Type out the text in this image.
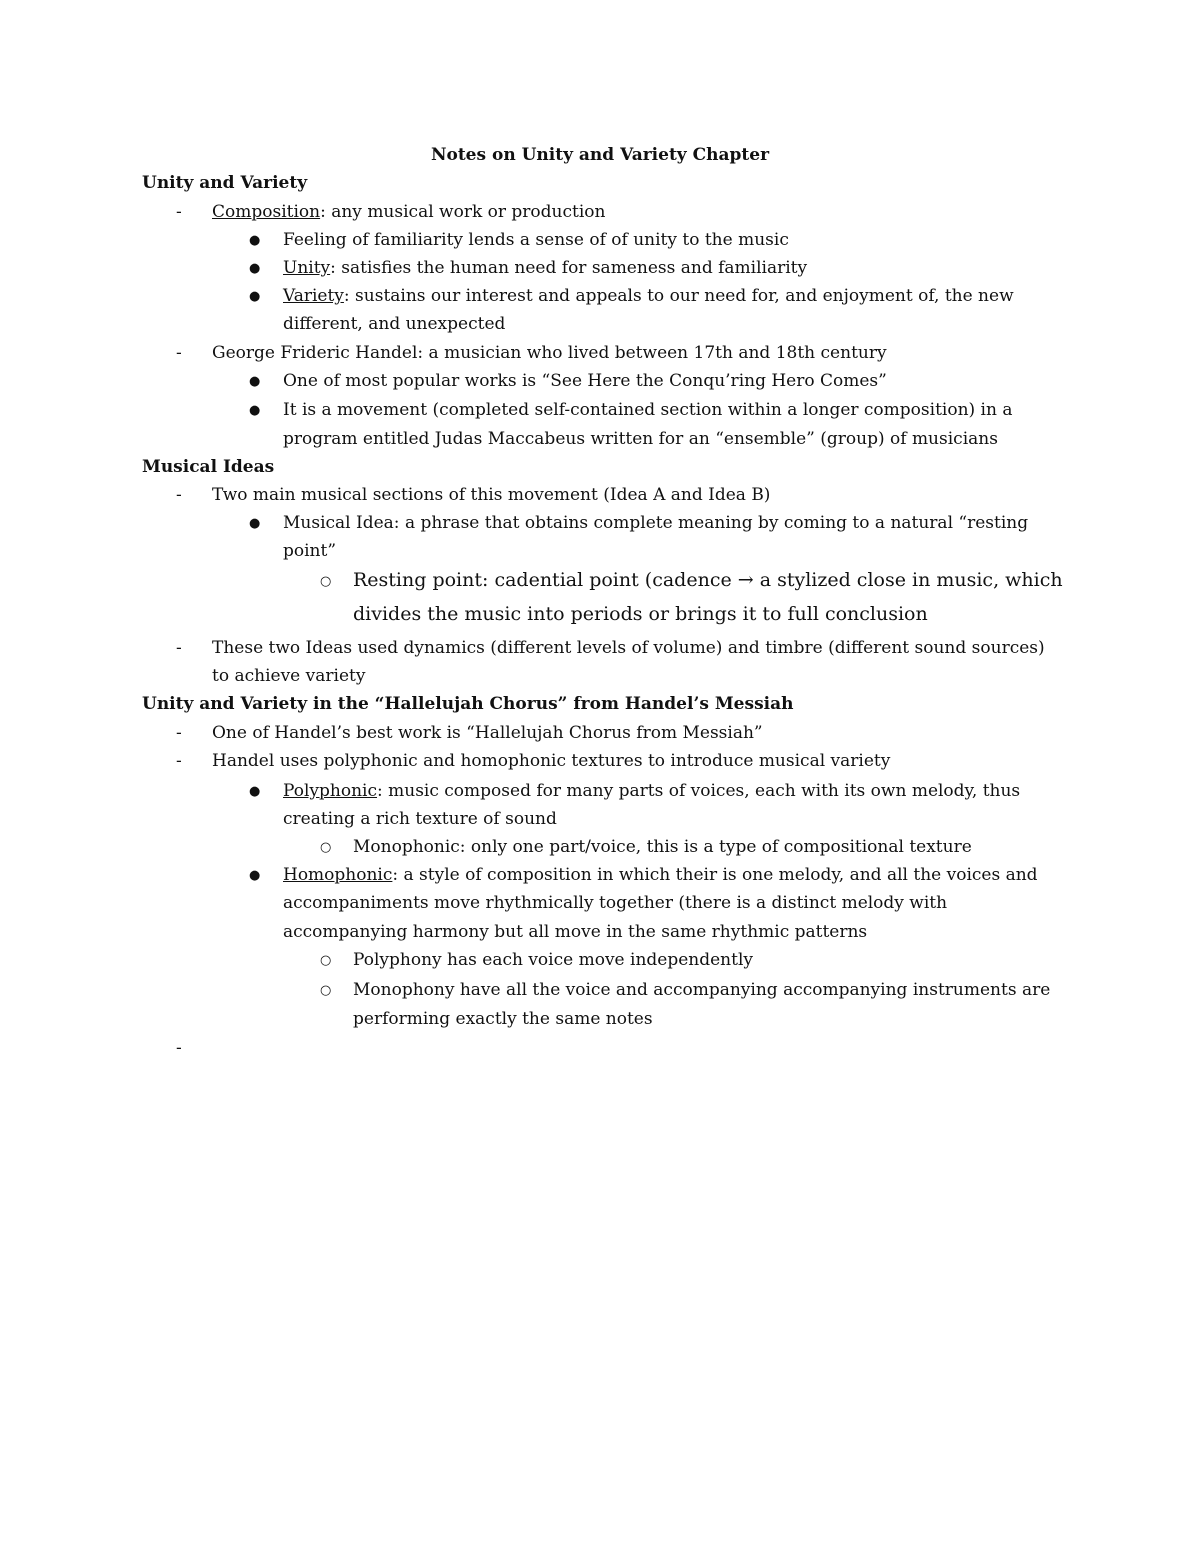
Notes on Unity and Variety Chapter
Unity and Variety
- Composition: any musical work or production
● Feeling of familiarity lends a sense of of unity to the music
● Unity: satisfies the human need for sameness and familiarity
● Variety: sustains our interest and appeals to our need for, and enjoyment of, the new
different, and unexpected
- George Frideric Handel: a musician who lived between 17th and 18th century
● One of most popular works is “See Here the Conqu’ring Hero Comes”
● It is a movement (completed self-contained section within a longer composition) in a
program entitled Judas Maccabeus written for an “ensemble” (group) of musicians
Musical Ideas
- Two main musical sections of this movement (Idea A and Idea B)
● Musical Idea: a phrase that obtains complete meaning by coming to a natural “resting
point”
○ Resting point: cadential point (cadence → a stylized close in music, which
divides the music into periods or brings it to full conclusion
- These two Ideas used dynamics (different levels of volume) and timbre (different sound sources)
to achieve variety
Unity and Variety in the “Hallelujah Chorus” from Handel’s Messiah
- One of Handel’s best work is “Hallelujah Chorus from Messiah”
- Handel uses polyphonic and homophonic textures to introduce musical variety
● Polyphonic: music composed for many parts of voices, each with its own melody, thus
creating a rich texture of sound
○ Monophonic: only one part/voice, this is a type of compositional texture
● Homophonic: a style of composition in which their is one melody, and all the voices and
accompaniments move rhythmically together (there is a distinct melody with
accompanying harmony but all move in the same rhythmic patterns
○ Polyphony has each voice move independently
○ Monophony have all the voice and accompanying accompanying instruments are
performing exactly the same notes
-
